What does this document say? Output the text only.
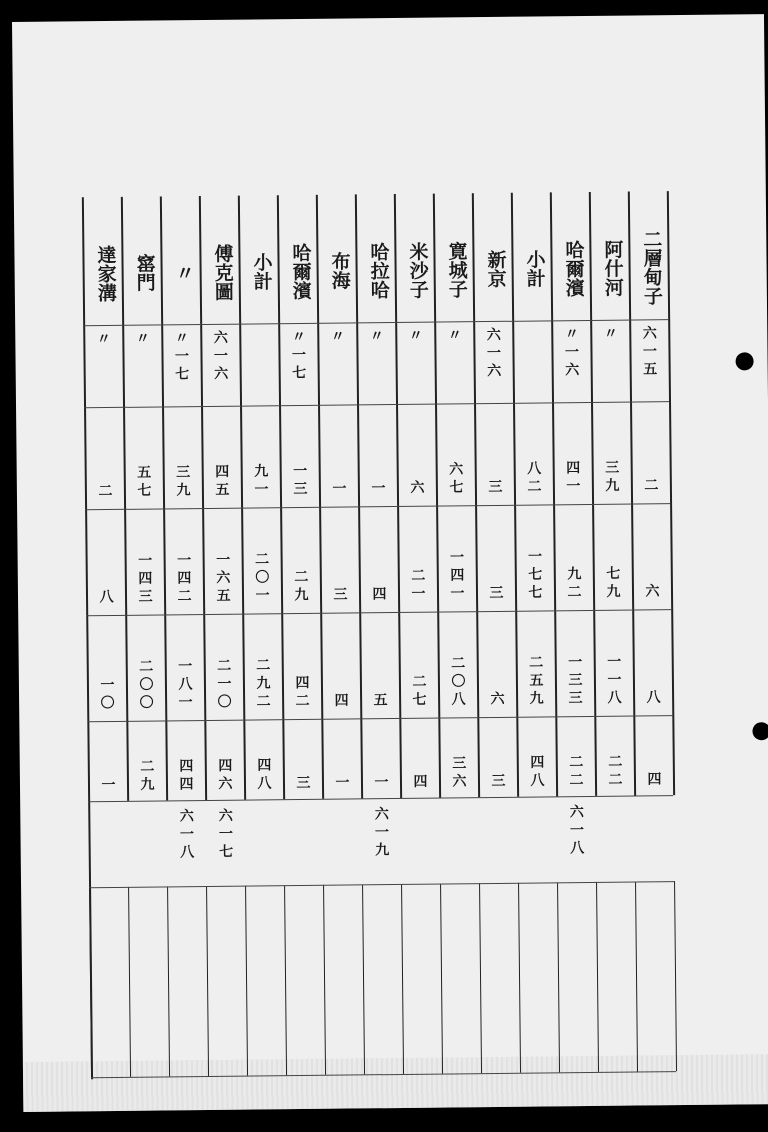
二層甸子
阿什河
哈爾濱
小計
新京
寛城子
米沙子
哈拉哈
布海
哈爾濱
小計
傅克圖
〃
窰門
達家溝
六一五
〃
〃一六
六一六
〃
〃
〃
〃
〃一七
六一六
〃一七
〃
〃
二
三九
四一
八二
三
六七
六
一
一
一三
九一
四五
三九
五七
二
六
七九
九二
一七七
三
一四一
二一
四
三
二九
二〇一
一六五
一四二
一四三
八
八
一一八
一三三
二五九
六
二〇八
二七
五
四
四二
二九二
二一〇
一八一
二〇〇
一〇
四
二二
二二
四八
三
三六
四
一
一
三
四八
四六
四四
二九
一
六一八
六一九
六一七
六一八
